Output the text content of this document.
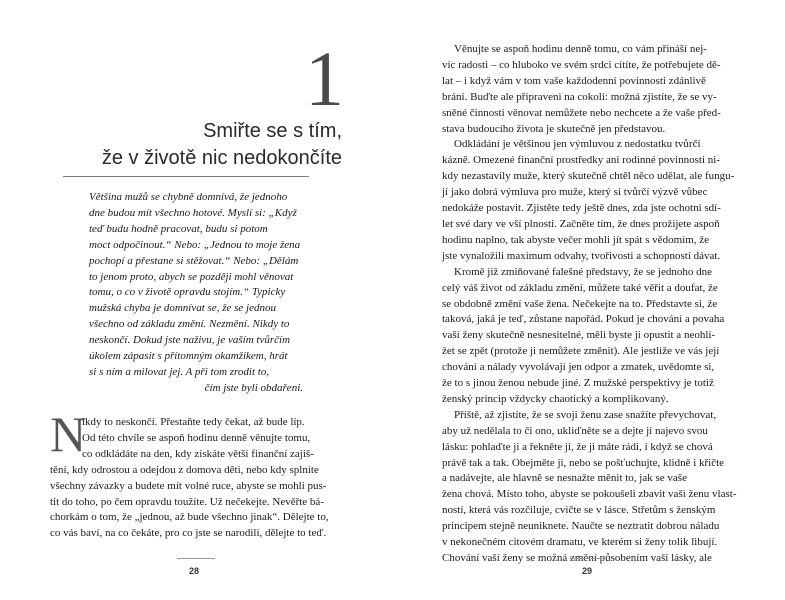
1
Smiřte se s tím,
že v životě nic nedokončíte
Většina mužů se chybně domnívá, že jednoho
dne budou mít všechno hotové. Myslí si: „Když
teď budu hodně pracovat, budu si potom
moct odpočinout.“ Nebo: „Jednou to moje žena
pochopí a přestane si stěžovat.“ Nebo: „Dělám
to jenom proto, abych se později mohl věnovat
tomu, o co v životě opravdu stojím.“ Typicky
mužská chyba je domnívat se, že se jednou
všechno od základu změní. Nezmění. Nikdy to
neskončí. Dokud jste naživu, je vaším tvůrčím
úkolem zápasit s přítomným okamžikem, hrát
si s ním a milovat jej. A při tom zrodit to,
čím jste byli obdařeni.
N
ikdy to neskončí. Přestaňte tedy čekat, až bude líp.
Od této chvíle se aspoň hodinu denně věnujte tomu,
co odkládáte na den, kdy získáte větší finanční zajiš-
tění, kdy odrostou a odejdou z domova děti, nebo kdy splníte
všechny závazky a budete mít volné ruce, abyste se mohli pus-
tit do toho, po čem opravdu toužíte. Už nečekejte. Nevěřte bá-
chorkám o tom, že „jednou, až bude všechno jinak“. Dělejte to,
co vás baví, na co čekáte, pro co jste se narodili, dělejte to teď.
28
Věnujte se aspoň hodinu denně tomu, co vám přináší nej-
víc radosti – co hluboko ve svém srdci cítíte, že potřebujete dě-
lat – i když vám v tom vaše každodenní povinnosti zdánlivě
brání. Buďte ale připraveni na cokoli: možná zjistíte, že se vy-
sněné činnosti věnovat nemůžete nebo nechcete a že vaše před-
stava budoucího života je skutečně jen představou.
Odkládání je většinou jen výmluvou z nedostatku tvůrčí
kázně. Omezené finanční prostředky ani rodinné povinnosti ni-
kdy nezastavily muže, který skutečně chtěl něco udělat, ale fungu-
jí jako dobrá výmluva pro muže, který si tvůrčí výzvě vůbec
nedokáže postavit. Zjistěte tedy ještě dnes, zda jste ochotni sdí-
let své dary ve vší plnosti. Začněte tím, že dnes prožijete aspoň
hodinu naplno, tak abyste večer mohli jít spát s vědomím, že
jste vynaložili maximum odvahy, tvořivosti a schopností dávat.
Kromě již zmiňované falešné představy, že se jednoho dne
celý váš život od základu změní, můžete také věřit a doufat, že
se obdobně změní vaše žena. Nečekejte na to. Představte si, že
taková, jaká je teď, zůstane napořád. Pokud je chování a povaha
vaší ženy skutečně nesnesitelné, měli byste ji opustit a neohlí-
žet se zpět (protože ji nemůžete změnit). Ale jestliže ve vás její
chování a nálady vyvolávají jen odpor a zmatek, uvědomte si,
že to s jinou ženou nebude jiné. Z mužské perspektivy je totiž
ženský princip vždycky chaotický a komplikovaný.
Příště, až zjistíte, že se svoji ženu zase snažíte převychovat,
aby už nedělala to či ono, ukliďněte se a dejte jí najevo svou
lásku: pohlaďte ji a řekněte jí, že ji máte rádi, i když se chová
právě tak a tak. Obejměte ji, nebo se pošťuchujte, klidně i křičte
a nadávejte, ale hlavně se nesnažte měnit to, jak se vaše
žena chová. Místo toho, abyste se pokoušeli zbavit vaši ženu vlast-
ností, která vás rozčiluje, cvičte se v lásce. Střetům s ženským
principem stejně neuniknete. Naučte se neztratit dobrou náladu
v nekonečném citovém dramatu, ve kterém si ženy tolik libují.
Chování vaší ženy se možná změní působením vaší lásky, ale
29
